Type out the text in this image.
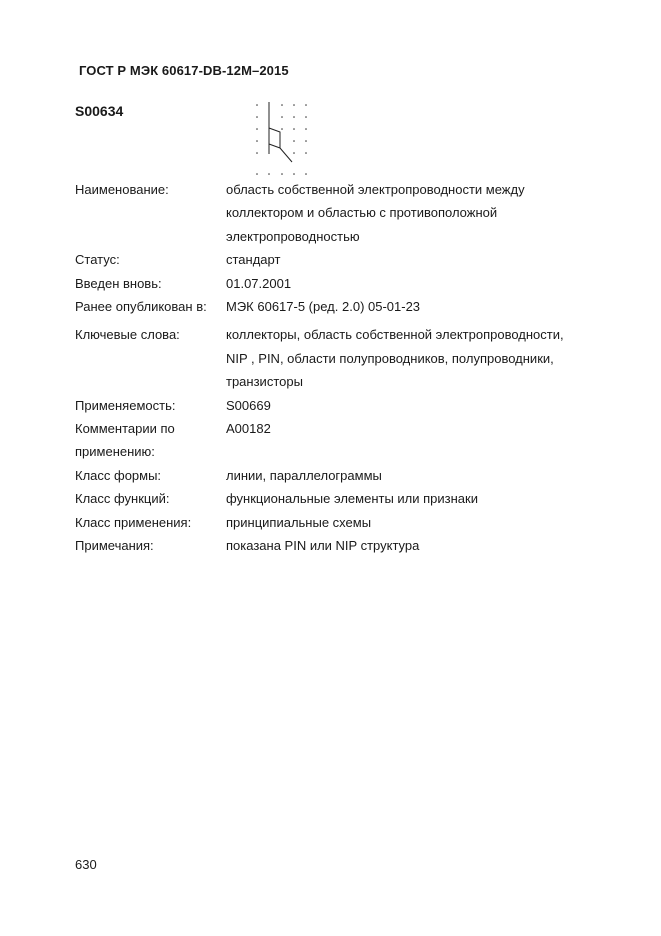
ГОСТ Р МЭК 60617-DB-12M–2015
S00634
Наименование:	область собственной электропроводности между
коллектором и областью с противоположной
электропроводностью
Статус:	стандарт
Введен вновь:	01.07.2001
Ранее опубликован в:	МЭК 60617-5 (ред. 2.0) 05-01-23
Ключевые слова:	коллекторы, область собственной электропроводности,
NIP , PIN, области полупроводников, полупроводники,
транзисторы
Применяемость:	S00669
Комментарии по
применению:
A00182
Класс формы:	линии, параллелограммы
Класс функций:	функциональные элементы или признаки
Класс применения:	принципиальные схемы
Примечания:	показана PIN или NIP структура
630
